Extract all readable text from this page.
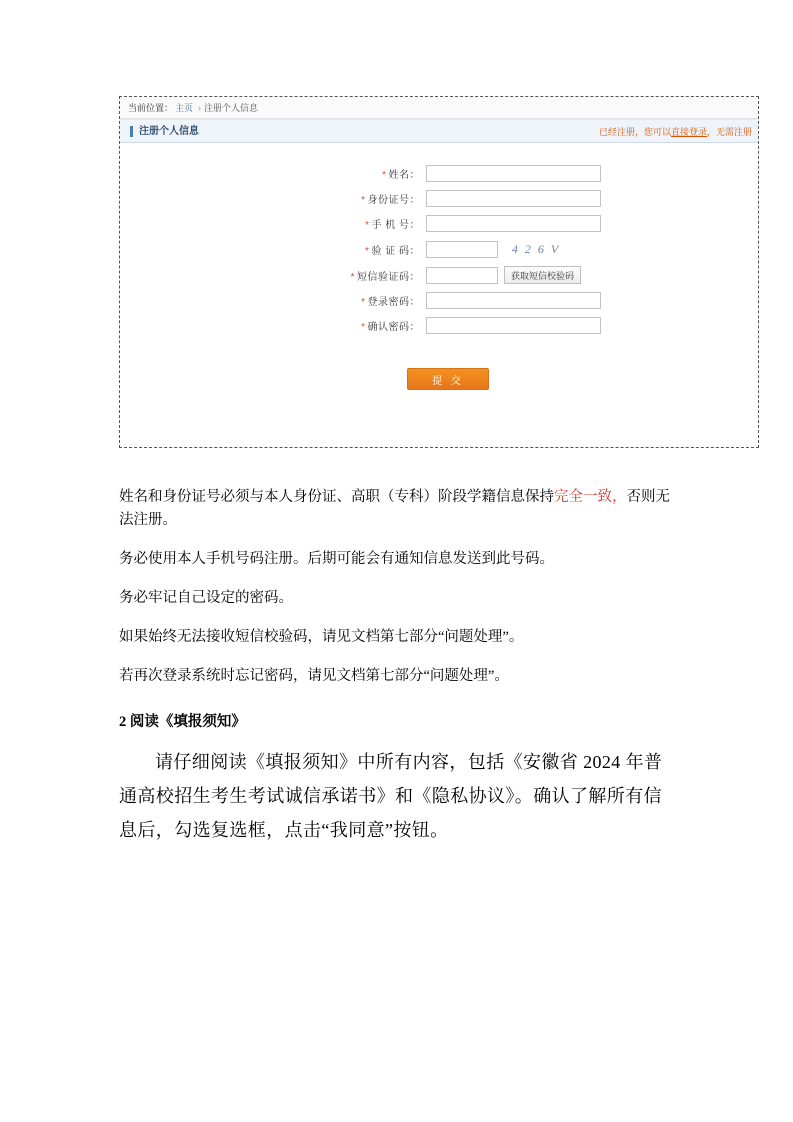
当前位置： 主页 › 注册个人信息
注册个人信息	已经注册，您可以直接登录，无需注册
* 姓名：
* 身份证号：
* 手 机 号：
* 验 证 码：	4 2 6 V
* 短信验证码：	获取短信校验码
* 登录密码：
* 确认密码：
提 交

姓名和身份证号必须与本人身份证、高职（专科）阶段学籍信息保持完全一致，否则无法注册。

务必使用本人手机号码注册。后期可能会有通知信息发送到此号码。

务必牢记自己设定的密码。

如果始终无法接收短信校验码，请见文档第七部分“问题处理”。

若再次登录系统时忘记密码，请见文档第七部分“问题处理”。

2 阅读《填报须知》

请仔细阅读《填报须知》中所有内容，包括《安徽省 2024 年普通高校招生考生考试诚信承诺书》和《隐私协议》。确认了解所有信息后，勾选复选框，点击“我同意”按钮。
